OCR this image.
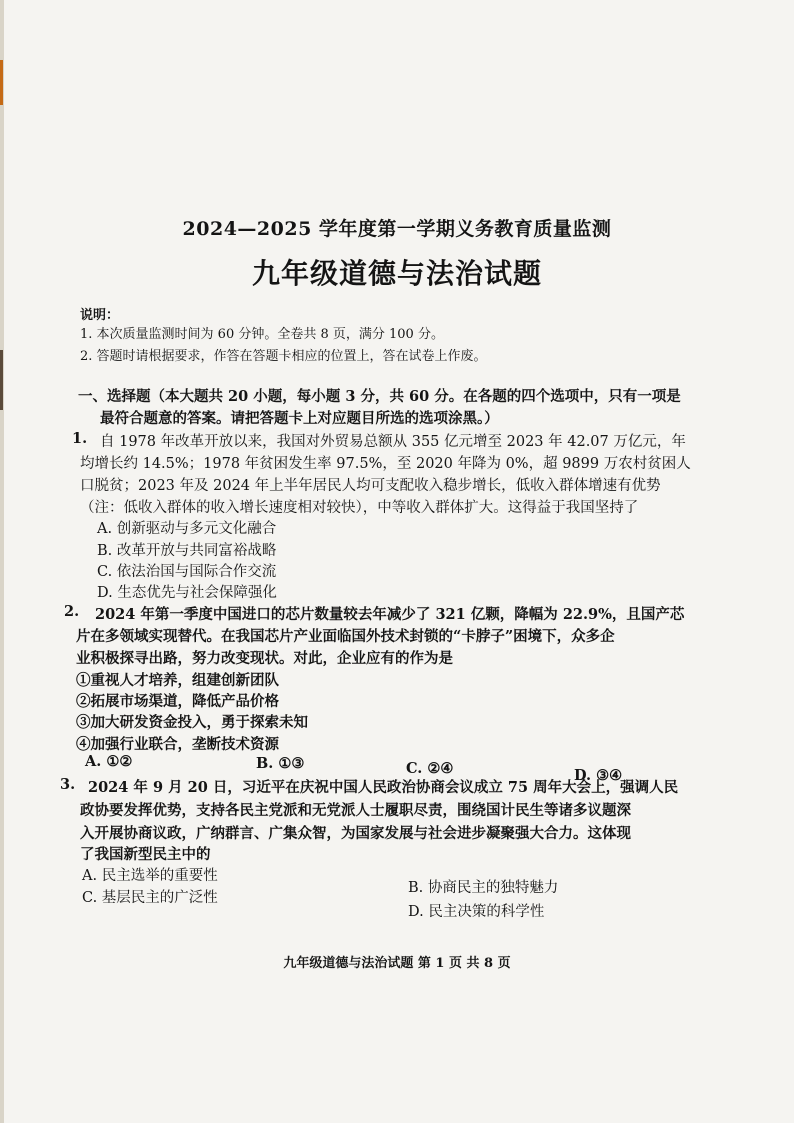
2024—2025 学年度第一学期义务教育质量监测
九年级道德与法治试题
说明：
1. 本次质量监测时间为 60 分钟。全卷共 8 页，满分 100 分。
2. 答题时请根据要求，作答在答题卡相应的位置上，答在试卷上作废。
一、选择题（本大题共 20 小题，每小题 3 分，共 60 分。在各题的四个选项中，只有一项是
最符合题意的答案。请把答题卡上对应题目所选的选项涂黑。）
1. 自 1978 年改革开放以来，我国对外贸易总额从 355 亿元增至 2023 年 42.07 万亿元，年
均增长约 14.5%；1978 年贫困发生率 97.5%，至 2020 年降为 0%，超 9899 万农村贫困人
口脱贫；2023 年及 2024 年上半年居民人均可支配收入稳步增长，低收入群体增速有优势
（注：低收入群体的收入增长速度相对较快），中等收入群体扩大。这得益于我国坚持了
A. 创新驱动与多元文化融合
B. 改革开放与共同富裕战略
C. 依法治国与国际合作交流
D. 生态优先与社会保障强化
2. 2024 年第一季度中国进口的芯片数量较去年减少了 321 亿颗，降幅为 22.9%，且国产芯
片在多领域实现替代。在我国芯片产业面临国外技术封锁的“卡脖子”困境下，众多企
业积极探寻出路，努力改变现状。对此，企业应有的作为是
①重视人才培养，组建创新团队
②拓展市场渠道，降低产品价格
③加大研发资金投入，勇于探索未知
④加强行业联合，垄断技术资源
A. ①②	B. ①③	C. ②④	D. ③④
3. 2024 年 9 月 20 日，习近平在庆祝中国人民政治协商会议成立 75 周年大会上，强调人民
政协要发挥优势，支持各民主党派和无党派人士履职尽责，围绕国计民生等诸多议题深
入开展协商议政，广纳群言、广集众智，为国家发展与社会进步凝聚强大合力。这体现
了我国新型民主中的
A. 民主选举的重要性
B. 协商民主的独特魅力
C. 基层民主的广泛性
D. 民主决策的科学性
九年级道德与法治试题 第 1 页 共 8 页
